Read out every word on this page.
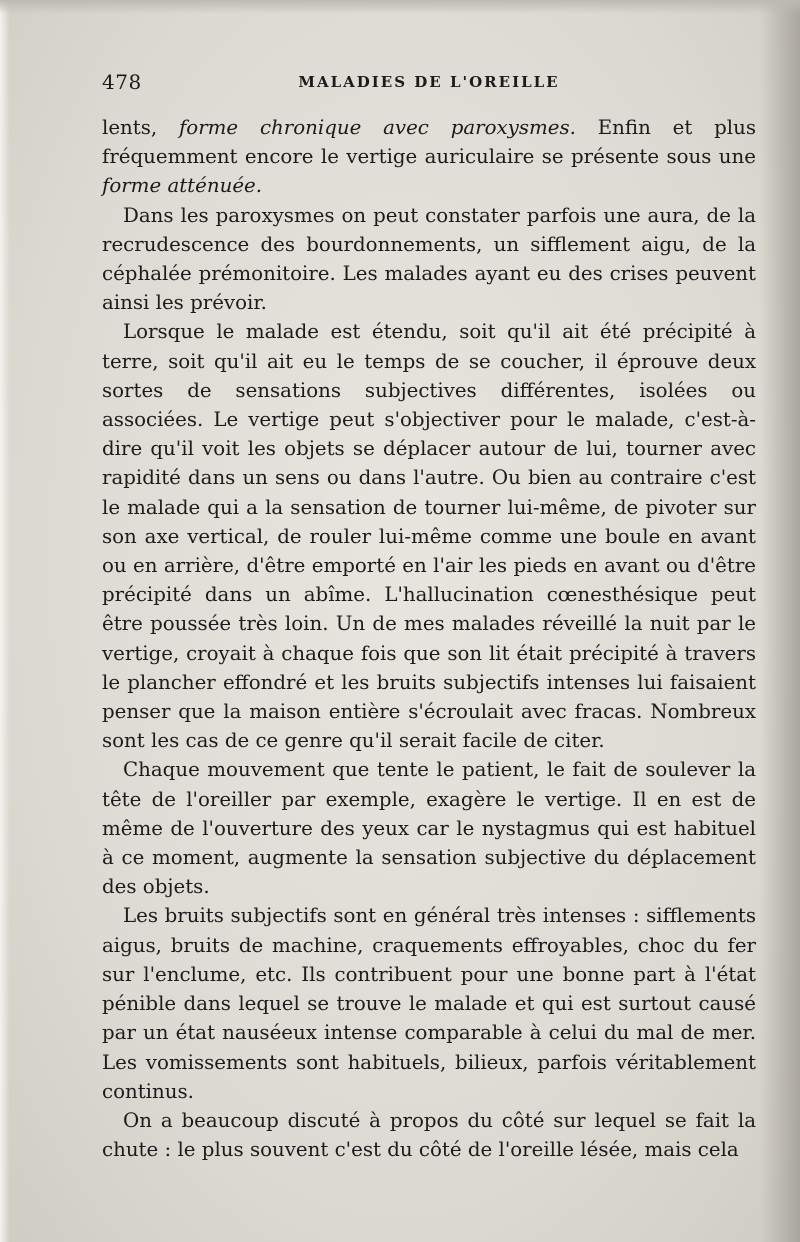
478	MALADIES DE L'OREILLE

lents, forme chronique avec paroxysmes. Enfin et plus fréquemment encore le vertige auriculaire se présente sous une forme atténuée.

Dans les paroxysmes on peut constater parfois une aura, de la recrudescence des bourdonnements, un sifflement aigu, de la céphalée prémonitoire. Les malades ayant eu des crises peuvent ainsi les prévoir.

Lorsque le malade est étendu, soit qu'il ait été précipité à terre, soit qu'il ait eu le temps de se coucher, il éprouve deux sortes de sensations subjectives différentes, isolées ou associées. Le vertige peut s'objectiver pour le malade, c'est-à-dire qu'il voit les objets se déplacer autour de lui, tourner avec rapidité dans un sens ou dans l'autre. Ou bien au contraire c'est le malade qui a la sensation de tourner lui-même, de pivoter sur son axe vertical, de rouler lui-même comme une boule en avant ou en arrière, d'être emporté en l'air les pieds en avant ou d'être précipité dans un abîme. L'hallucination cœnesthésique peut être poussée très loin. Un de mes malades réveillé la nuit par le vertige, croyait à chaque fois que son lit était précipité à travers le plancher effondré et les bruits subjectifs intenses lui faisaient penser que la maison entière s'écroulait avec fracas. Nombreux sont les cas de ce genre qu'il serait facile de citer.

Chaque mouvement que tente le patient, le fait de soulever la tête de l'oreiller par exemple, exagère le vertige. Il en est de même de l'ouverture des yeux car le nystagmus qui est habituel à ce moment, augmente la sensation subjective du déplacement des objets.

Les bruits subjectifs sont en général très intenses : sifflements aigus, bruits de machine, craquements effroyables, choc du fer sur l'enclume, etc. Ils contribuent pour une bonne part à l'état pénible dans lequel se trouve le malade et qui est surtout causé par un état nauséeux intense comparable à celui du mal de mer. Les vomissements sont habituels, bilieux, parfois véritablement continus.

On a beaucoup discuté à propos du côté sur lequel se fait la chute : le plus souvent c'est du côté de l'oreille lésée, mais cela
